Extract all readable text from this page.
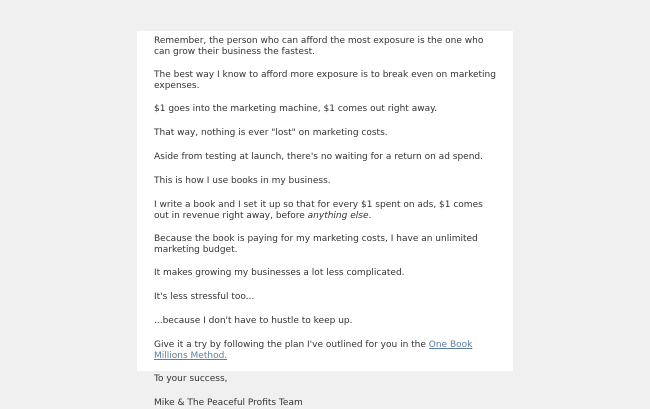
Remember, the person who can afford the most exposure is the one who can grow their business the fastest.

The best way I know to afford more exposure is to break even on marketing expenses.

$1 goes into the marketing machine, $1 comes out right away.

That way, nothing is ever "lost" on marketing costs.

Aside from testing at launch, there's no waiting for a return on ad spend.

This is how I use books in my business.

I write a book and I set it up so that for every $1 spent on ads, $1 comes out in revenue right away, before anything else.

Because the book is paying for my marketing costs, I have an unlimited marketing budget.

It makes growing my businesses a lot less complicated.

It's less stressful too...

...because I don't have to hustle to keep up.

Give it a try by following the plan I've outlined for you in the One Book Millions Method.

To your success,

Mike & The Peaceful Profits Team
